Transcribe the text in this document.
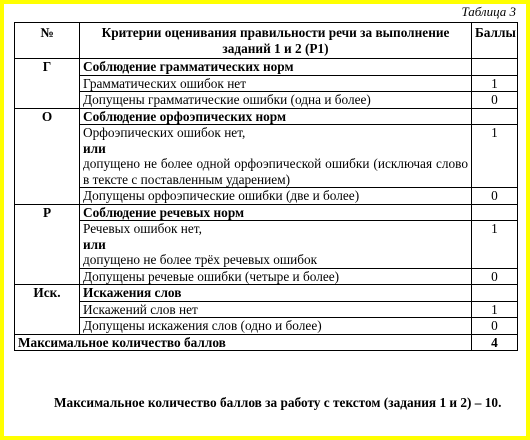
Таблица 3
№	Критерии оценивания правильности речи за выполнение заданий 1 и 2 (Р1)	Баллы
Г	Соблюдение грамматических норм	
	Грамматических ошибок нет	1
	Допущены грамматические ошибки (одна и более)	0
О	Соблюдение орфоэпических норм	

	Орфоэпических ошибок нет,
или
допущено не более одной орфоэпической ошибки (исключая слово в тексте с поставленным ударением)	1
	Допущены орфоэпические ошибки (две и более)	0
Р	Соблюдение речевых норм	

	Речевых ошибок нет,
или
допущено не более трёх речевых ошибок	1
	Допущены речевые ошибки (четыре и более)	0
Иск.	Искажения слов	
	Искажений слов нет	1
	Допущены искажения слов (одно и более)	0
Максимальное количество баллов		4
Максимальное количество баллов за работу с текстом (задания 1 и 2) – 10.
